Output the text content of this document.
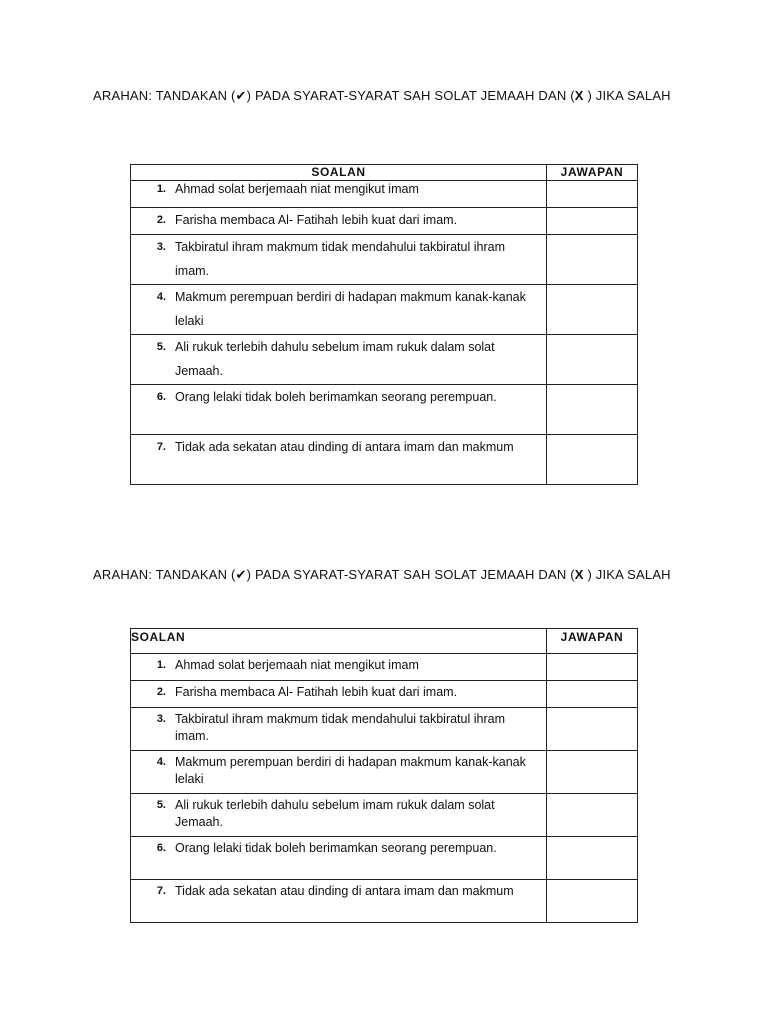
ARAHAN: TANDAKAN (✔) PADA SYARAT-SYARAT SAH SOLAT JEMAAH DAN (X ) JIKA SALAH
SOALAN	JAWAPAN

1. Ahmad solat berjemaah niat mengikut imam	

2. Farisha membaca Al- Fatihah lebih kuat dari imam.	

3. Takbiratul ihram makmum tidak mendahului takbiratul ihram imam.	

4. Makmum perempuan berdiri di hadapan makmum kanak-kanak lelaki	

5. Ali rukuk terlebih dahulu sebelum imam rukuk dalam solat Jemaah.	

6. Orang lelaki tidak boleh berimamkan seorang perempuan.	

7. Tidak ada sekatan atau dinding di antara imam dan makmum	

ARAHAN: TANDAKAN (✔) PADA SYARAT-SYARAT SAH SOLAT JEMAAH DAN (X ) JIKA SALAH
SOALAN	JAWAPAN

1. Ahmad solat berjemaah niat mengikut imam	

2. Farisha membaca Al- Fatihah lebih kuat dari imam.	

3. Takbiratul ihram makmum tidak mendahului takbiratul ihram imam.	

4. Makmum perempuan berdiri di hadapan makmum kanak-kanak lelaki	

5. Ali rukuk terlebih dahulu sebelum imam rukuk dalam solat Jemaah.	

6. Orang lelaki tidak boleh berimamkan seorang perempuan.	

7. Tidak ada sekatan atau dinding di antara imam dan makmum	
